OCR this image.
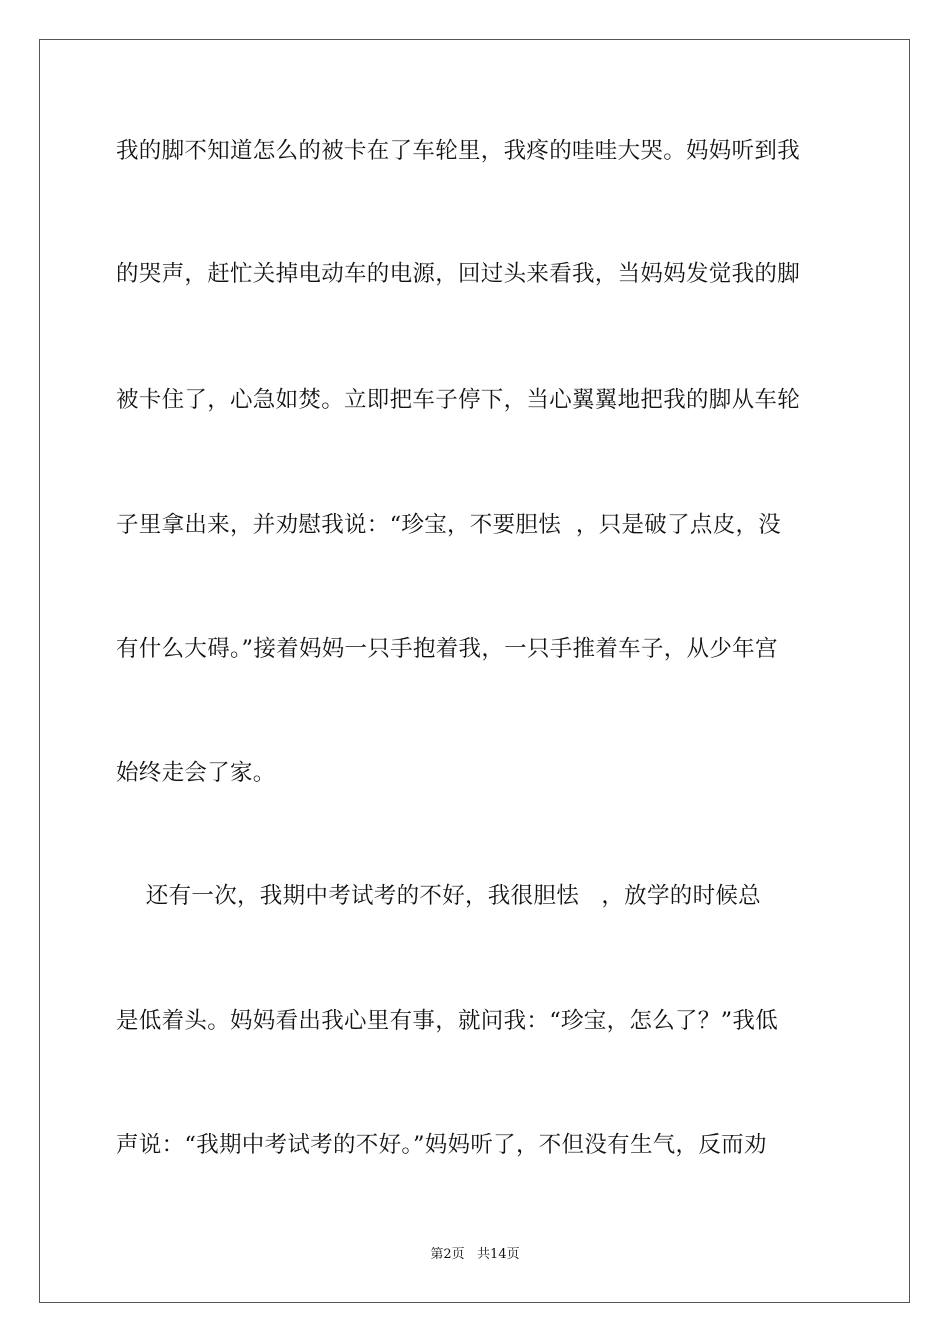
我的脚不知道怎么的被卡在了车轮里，我疼的哇哇大哭。妈妈听到我
的哭声，赶忙关掉电动车的电源，回过头来看我，当妈妈发觉我的脚
被卡住了，心急如焚。立即把车子停下，当心翼翼地把我的脚从车轮
子里拿出来，并劝慰我说：“珍宝，不要胆怯  ，只是破了点皮，没
有什么大碍。”接着妈妈一只手抱着我，一只手推着车子，从少年宫
始终走会了家。
还有一次，我期中考试考的不好，我很胆怯   ，放学的时候总
是低着头。妈妈看出我心里有事，就问我：“珍宝，怎么了？”我低
声说：“我期中考试考的不好。”妈妈听了，不但没有生气，反而劝
第2页   共14页
